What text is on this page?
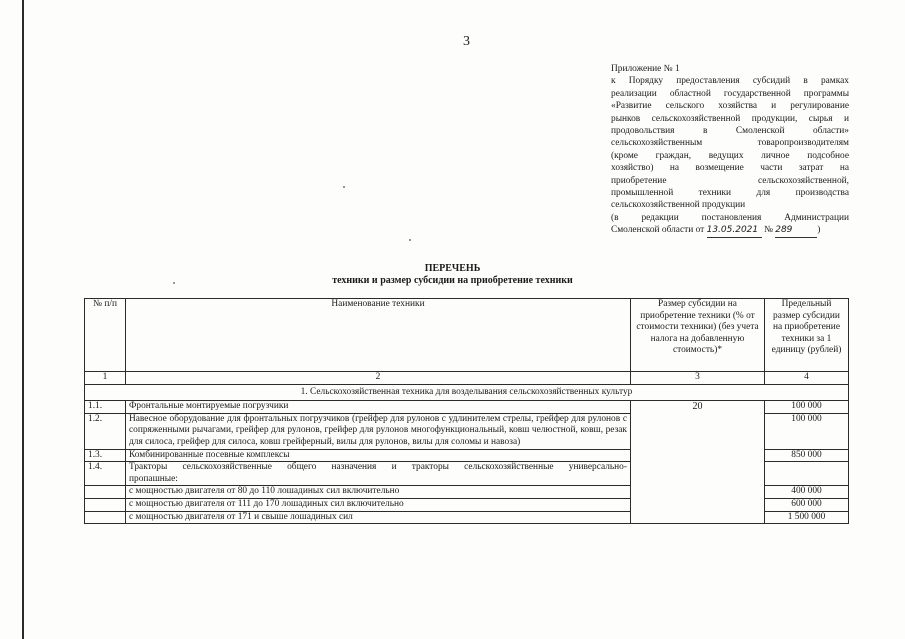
3
Приложение № 1
к Порядку предоставления субсидий в рамках
реализации областной государственной программы
«Развитие сельского хозяйства и регулирование
рынков сельскохозяйственной продукции, сырья и
продовольствия в Смоленской области»
сельскохозяйственным товаропроизводителям
(кроме граждан, ведущих личное подсобное
хозяйство) на возмещение части затрат на
приобретение сельскохозяйственной,
промышленной техники для производства
сельскохозяйственной продукции
(в редакции постановления Администрации
Смоленской области от 13.05.2021 № 289	)
ПЕРЕЧЕНЬ
техники и размер субсидии на приобретение техники
№ п/п	Наименование техники	Размер субсидии на приобретение техники (% от стоимости техники) (без учета налога на добавленную стоимость)*	Предельный размер субсидии на приобретение техники за 1 единицу (рублей)
1	2	3	4
1. Сельскохозяйственная техника для возделывания сельскохозяйственных культур			
1.1.	Фронтальные монтируемые погрузчики	20	100 000
1.2.	Навесное оборудование для фронтальных погрузчиков (грейфер для рулонов с удлинителем стрелы, грейфер для рулонов с сопряженными рычагами, грейфер для рулонов, грейфер для рулонов многофункциональный, ковш челюстной, ковш, резак для силоса, грейфер для силоса, ковш грейферный, вилы для рулонов, вилы для соломы и навоза)		100 000
1.3.	Комбинированные посевные комплексы		850 000
1.4.	Тракторы сельскохозяйственные общего назначения и тракторы сельскохозяйственные универсально-
пропашные:		

	с мощностью двигателя от 80 до 110 лошадиных сил включительно		400 000
	с мощностью двигателя от 111 до 170 лошадиных сил включительно		600 000
	с мощностью двигателя от 171 и свыше лошадиных сил		1 500 000
